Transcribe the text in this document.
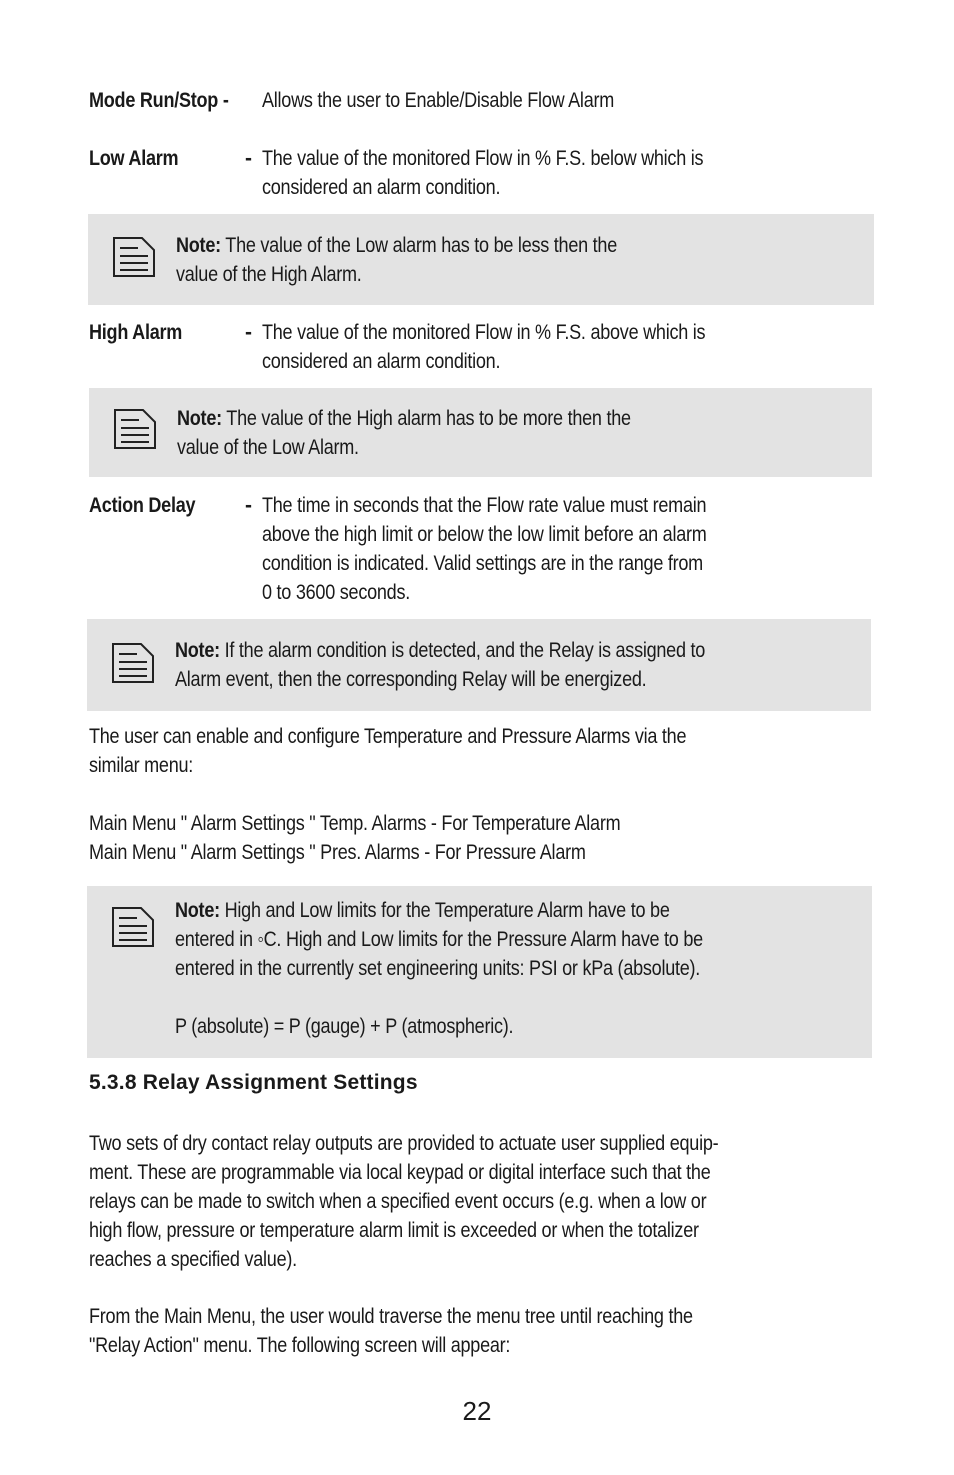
Mode Run/Stop - Allows the user to Enable/Disable Flow Alarm
Low Alarm	- The value of the monitored Flow in % F.S. below which is
considered an alarm condition.
Note: The value of the Low alarm has to be less then the
value of the High Alarm.
High Alarm	- The value of the monitored Flow in % F.S. above which is
considered an alarm condition.
Note: The value of the High alarm has to be more then the
value of the Low Alarm.
Action Delay - The time in seconds that the Flow rate value must remain
above the high limit or below the low limit before an alarm
condition is indicated. Valid settings are in the range from
0 to 3600 seconds.
Note: If the alarm condition is detected, and the Relay is assigned to
Alarm event, then the corresponding Relay will be energized.
The user can enable and configure Temperature and Pressure Alarms via the
similar menu:
Main Menu " Alarm Settings " Temp. Alarms - For Temperature Alarm
Main Menu " Alarm Settings " Pres. Alarms - For Pressure Alarm
Note: High and Low limits for the Temperature Alarm have to be
entered in ◦C. High and Low limits for the Pressure Alarm have to be
entered in the currently set engineering units: PSI or kPa (absolute).
P (absolute) = P (gauge) + P (atmospheric).
5.3.8 Relay Assignment Settings
Two sets of dry contact relay outputs are provided to actuate user supplied equip-
ment. These are programmable via local keypad or digital interface such that the
relays can be made to switch when a specified event occurs (e.g. when a low or
high flow, pressure or temperature alarm limit is exceeded or when the totalizer
reaches a specified value).
From the Main Menu, the user would traverse the menu tree until reaching the
"Relay Action" menu. The following screen will appear:
22
